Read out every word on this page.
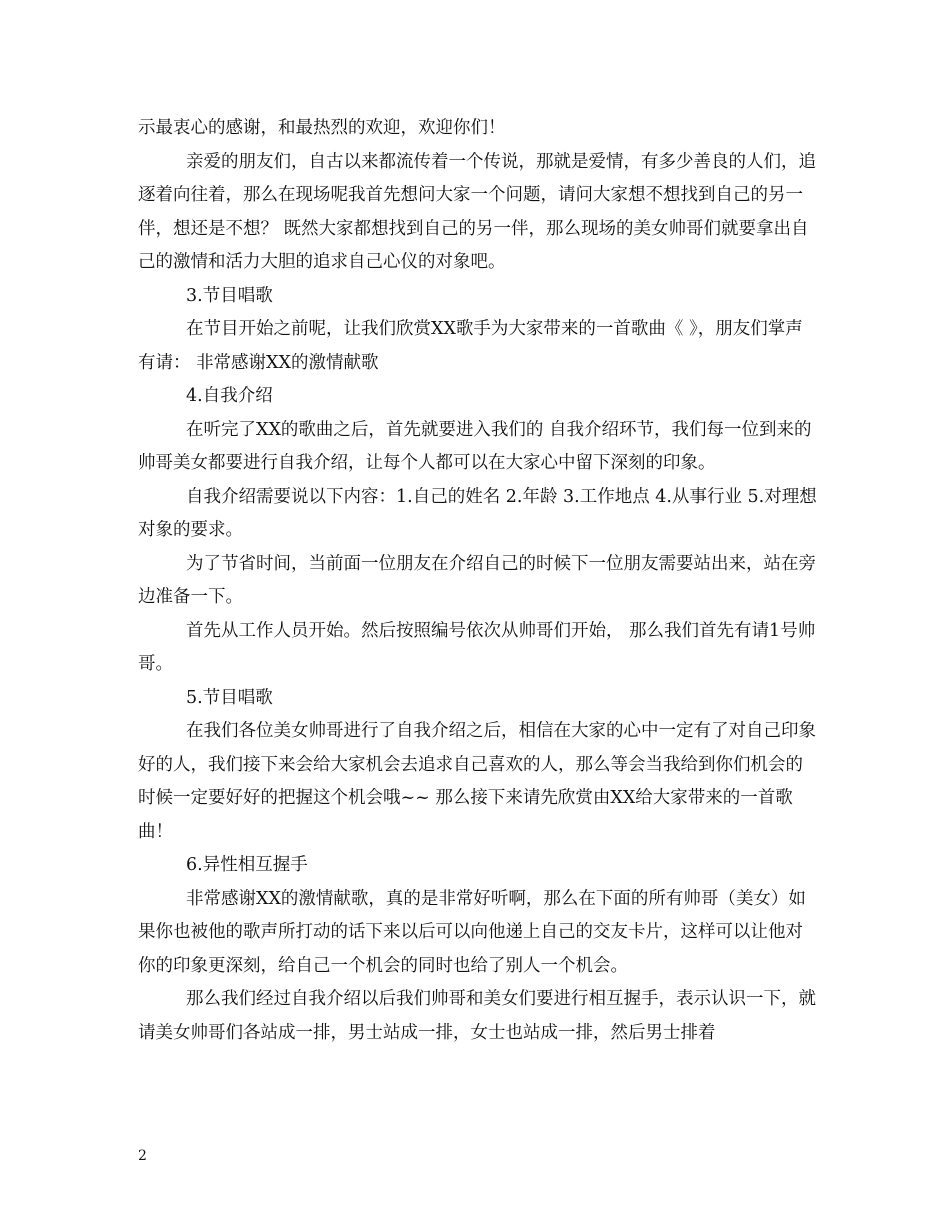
示最衷心的感谢，和最热烈的欢迎，欢迎你们！

亲爱的朋友们，自古以来都流传着一个传说，那就是爱情，有多少善良的人们，追逐着向往着，那么在现场呢我首先想问大家一个问题，请问大家想不想找到自己的另一伴，想还是不想？ 既然大家都想找到自己的另一伴，那么现场的美女帅哥们就要拿出自己的激情和活力大胆的追求自己心仪的对象吧。

3.节目唱歌

在节目开始之前呢，让我们欣赏XX歌手为大家带来的一首歌曲《 》，朋友们掌声有请： 非常感谢XX的激情献歌

4.自我介绍

在听完了XX的歌曲之后，首先就要进入我们的 自我介绍环节，我们每一位到来的 帅哥美女都要进行自我介绍，让每个人都可以在大家心中留下深刻的印象。

自我介绍需要说以下内容：1.自己的姓名 2.年龄 3.工作地点 4.从事行业 5.对理想对象的要求。

为了节省时间，当前面一位朋友在介绍自己的时候下一位朋友需要站出来，站在旁边准备一下。

首先从工作人员开始。然后按照编号依次从帅哥们开始， 那么我们首先有请1号帅哥。

5.节目唱歌

在我们各位美女帅哥进行了自我介绍之后，相信在大家的心中一定有了对自己印象好的人，我们接下来会给大家机会去追求自己喜欢的人，那么等会当我给到你们机会的时候一定要好好的把握这个机会哦~~ 那么接下来请先欣赏由XX给大家带来的一首歌曲！

6.异性相互握手

非常感谢XX的激情献歌，真的是非常好听啊，那么在下面的所有帅哥（美女）如果你也被他的歌声所打动的话下来以后可以向他递上自己的交友卡片，这样可以让他对你的印象更深刻，给自己一个机会的同时也给了别人一个机会。

那么我们经过自我介绍以后我们帅哥和美女们要进行相互握手，表示认识一下，就请美女帅哥们各站成一排，男士站成一排，女士也站成一排，然后男士排着

2
